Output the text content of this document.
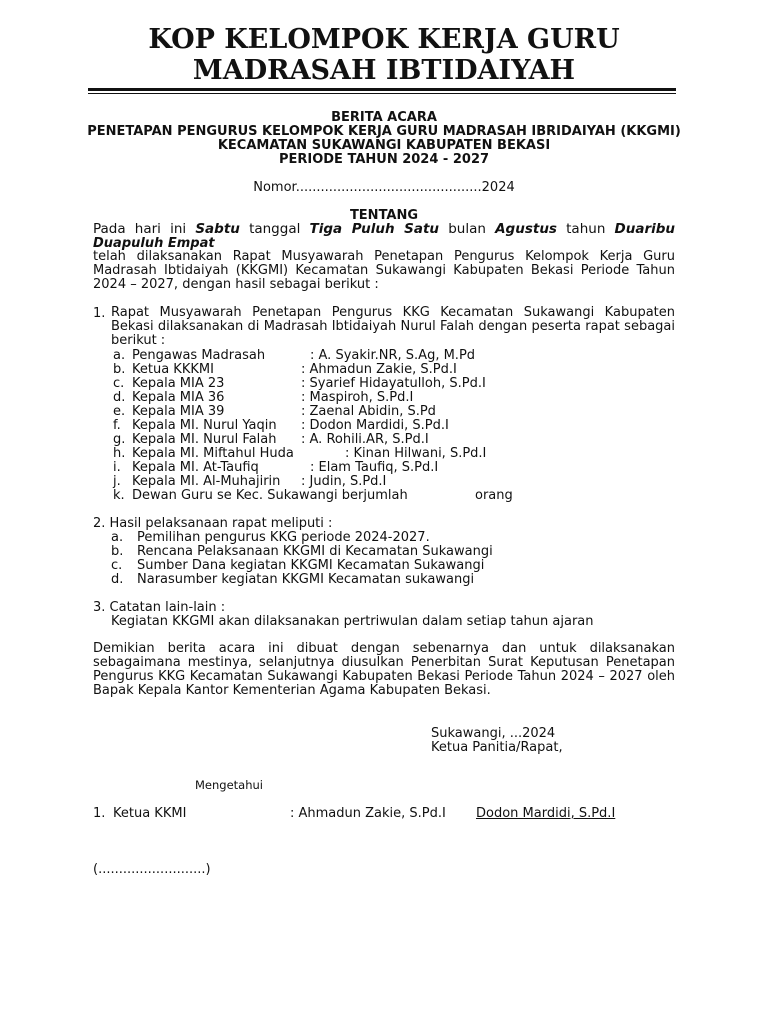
KOP KELOMPOK KERJA GURU
MADRASAH IBTIDAIYAH
BERITA ACARA
PENETAPAN PENGURUS KELOMPOK KERJA GURU MADRASAH IBRIDAIYAH (KKGMI)
KECAMATAN SUKAWANGI KABUPATEN BEKASI
PERIODE TAHUN 2024 - 2027
Nomor.............................................2024
TENTANG
Pada hari ini Sabtu tanggal Tiga Puluh Satu bulan Agustus tahun Duaribu
Duapuluh Empat
telah dilaksanakan Rapat Musyawarah Penetapan Pengurus Kelompok Kerja Guru Madrasah Ibtidaiyah (KKGMI) Kecamatan Sukawangi Kabupaten Bekasi Periode Tahun 2024 – 2027, dengan hasil sebagai berikut :
1. Rapat Musyawarah Penetapan Pengurus KKG Kecamatan Sukawangi Kabupaten Bekasi dilaksanakan di Madrasah Ibtidaiyah Nurul Falah dengan peserta rapat sebagai berikut :
a. Pengawas Madrasah	: A. Syakir.NR, S.Ag, M.Pd
b. Ketua KKKMI	: Ahmadun Zakie, S.Pd.I
c. Kepala MIA 23	: Syarief Hidayatulloh, S.Pd.I
d. Kepala MIA 36	: Maspiroh, S.Pd.I
e. Kepala MIA 39	: Zaenal Abidin, S.Pd
f. Kepala MI. Nurul Yaqin : Dodon Mardidi, S.Pd.I
g. Kepala MI. Nurul Falah : A. Rohili.AR, S.Pd.I
h. Kepala MI. Miftahul Huda	: Kinan Hilwani, S.Pd.I
i. Kepala MI. At-Taufiq	: Elam Taufiq, S.Pd.I
j. Kepala MI. Al-Muhajirin : Judin, S.Pd.I
k. Dewan Guru se Kec. Sukawangi berjumlah	orang
2. Hasil pelaksanaan rapat meliputi :
a. Pemilihan pengurus KKG periode 2024-2027.
b. Rencana Pelaksanaan KKGMI di Kecamatan Sukawangi
c. Sumber Dana kegiatan KKGMI Kecamatan Sukawangi
d. Narasumber kegiatan KKGMI Kecamatan sukawangi
3. Catatan lain-lain :
Kegiatan KKGMI akan dilaksanakan pertriwulan dalam setiap tahun ajaran
Demikian berita acara ini dibuat dengan sebenarnya dan untuk dilaksanakan sebagaimana mestinya, selanjutnya diusulkan Penerbitan Surat Keputusan Penetapan Pengurus KKG Kecamatan Sukawangi Kabupaten Bekasi Periode Tahun 2024 – 2027 oleh Bapak Kepala Kantor Kementerian Agama Kabupaten Bekasi.
Sukawangi, ...2024
Ketua Panitia/Rapat,
Mengetahui
1. Ketua KKMI	: Ahmadun Zakie, S.Pd.I Dodon Mardidi, S.Pd.I
(..........................)
